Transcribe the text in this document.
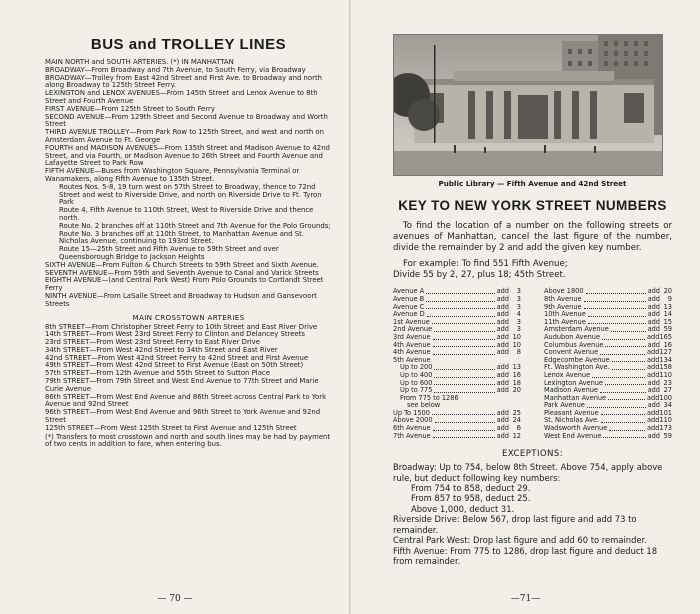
BUS and TROLLEY LINES

MAIN NORTH and SOUTH ARTERIES. (*) IN MANHATTAN

BROADWAY—From Broadway and 7th Avenue, to South Ferry, via Broadway

BROADWAY—Trolley from East 42nd Street and First Ave. to Broadway and north along Broadway to 125th Street Ferry.

LEXINGTON and LENOX AVENUES—From 145th Street and Lenox Avenue to 8th Street and Fourth Avenue

FIRST AVENUE—From 125th Street to South Ferry

SECOND AVENUE—From 129th Street and Second Avenue to Broadway and Worth Street

THIRD AVENUE TROLLEY—From Park Row to 125th Street, and west and north on Amsterdam Avenue to Ft. George

FOURTH and MADISON AVENUES—From 135th Street and Madison Avenue to 42nd Street, and via Fourth, or Madison Avenue to 26th Street and Fourth Avenue and Lafayette Street to Park Row

FIFTH AVENUE—Buses from Washington Square, Pennsylvania Terminal or Wanamakers, along Fifth Avenue to 135th Street.

Routes Nos. 5-8, 19 turn west on 57th Street to Broadway, thence to 72nd Street and west to Riverside Drive, and north on Riverside Drive to Ft. Tyron Park

Route 4, Fifth Avenue to 110th Street, West to Riverside Drive and thence north.

Route No. 2 branches off at 110th Street and 7th Avenue for the Polo Grounds; Route No. 3 branches off at 110th Street, to Manhattan Avenue and St. Nicholas Avenue, continuing to 193rd Street.

Route 15—25th Street and Fifth Avenue to 59th Street and over Queensborough Bridge to Jackson Heights

SIXTH AVENUE—From Fulton & Church Streets to 59th Street and Sixth Avenue.

SEVENTH AVENUE—From 59th and Seventh Avenue to Canal and Varick Streets

EIGHTH AVENUE—(and Central Park West) From Polo Grounds to Cortlandt Street Ferry

NINTH AVENUE—From LaSalle Street and Broadway to Hudson and Gansevoort Streets

MAIN CROSSTOWN ARTERIES

8th STREET—From Christopher Street Ferry to 10th Street and East River Drive

14th STREET—From West 23rd Street Ferry to Clinton and Delancey Streets

23rd STREET—From West 23rd Street Ferry to East River Drive

34th STREET—From West 42nd Street to 34th Street and East River

42nd STREET—From West 42nd Street Ferry to 42nd Street and First Avenue

49th STREET—From West 42nd Street to First Avenue (East on 50th Street)

57th STREET—From 12th Avenue and 55th Street to Sutton Place

79th STREET—From 79th Street and West End Avenue to 77th Street and Marie Curie Avenue

86th STREET—From West End Avenue and 86th Street across Central Park to York Avenue and 92nd Street

96th STREET—From West End Avenue and 96th Street to York Avenue and 92nd Street

125th STREET—From West 125th Street to First Avenue and 125th Street

(*) Transfers to most crosstown and north and south lines may be had by payment of two cents in addition to fare, when entering bus.

— 70 —
Public Library — Fifth Avenue and 42nd Street
KEY TO NEW YORK STREET NUMBERS

To find the location of a number on the following streets or avenues of Manhattan, cancel the last figure of the number, divide the remainder by 2 and add the given key number.

For example: To find 551 Fifth Avenue;

Divide 55 by 2, 27, plus 18; 45th Street.

Avenue A	add	3
Avenue B	add	3
Avenue C	add	3
Avenue D	add	4
1st Avenue	add	3
2nd Avenue	add	3
3rd Avenue	add 10
4th Avenue	add 10
4th Avenue	add	8
5th Avenue
Up to 200	add 13
Up to 400	add 16
Up to 600	add 18
Up to 775	add 20
From 775 to 1286
see below
Up To 1500	add 25
Above 2000	add 24
6th Avenue	add	6
7th Avenue	add 12
Above 1800	add 20
8th Avenue	add	9
9th Avenue	add 13
10th Avenue	add 14
11th Avenue	add 15
Amsterdam Avenue	add 59
Audubon Avenue	add 165
Columbus Avenue	add 16
Convent Avenue	add 127
Edgecombe Avenue	add 134
Ft. Washington Ave.	add 158
Lenox Avenue	add 110
Lexington Avenue	add 23
Madison Avenue	add 27
Manhattan Avenue	add 100
Park Avenue	add 34
Pleasant Avenue	add 101
St. Nicholas Ave.	add 110
Wadsworth Avenue	add 173
West End Avenue	add 59
EXCEPTIONS:

Broadway: Up to 754, below 8th Street. Above 754, apply above rule, but deduct following key numbers:

From 754 to 858, deduct 29.

From 857 to 958, deduct 25.

Above 1,000, deduct 31.

Riverside Drive: Below 567, drop last figure and add 73 to remainder.

Central Park West: Drop last figure and add 60 to remainder.

Fifth Avenue: From 775 to 1286, drop last figure and deduct 18 from remainder.

—71—
